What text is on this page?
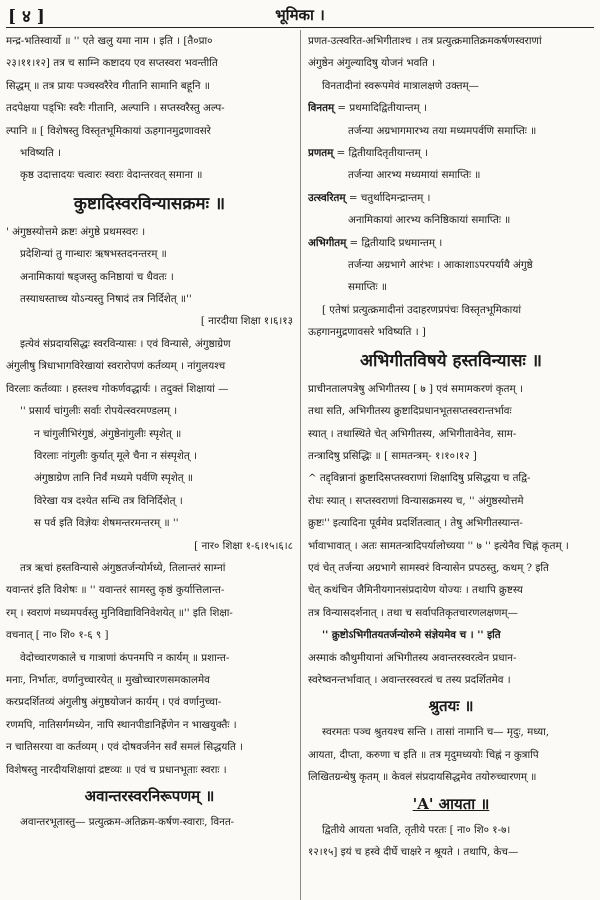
[ ४ ]	भूमिका ।
मन्द्र-भतिस्वार्यो ॥ '' एते खलु यमा नाम । इति । [तै०प्रा०
२३।११।१२] तत्र च साम्नि कष्टादय एव सप्तस्वरा भवन्तीति
सिद्धम् ॥ तत्र प्रायः पञ्चस्वरैरेव गीतानि सामानि बहूनि ॥
तदपेक्षया पड्भिः स्वरैः गीतानि, अल्पानि । सप्तस्वरैस्तु अल्प-
ल्पानि ॥ [ विशेषस्तु विस्तृतभूमिकायां ऊहगानमुद्रणावसरे
भविष्यति ।
कृष्ठ उदात्तादयः चत्वारः स्वराः वेदान्तरवत् समाना ॥
कुष्टादिस्वरविन्यासक्रमः ॥
' अंगुष्ठस्योत्तमे क्रष्टः अंगुष्ठे प्रथमस्वरः ।
प्रदेशिन्यां तु गान्धारः ऋषभस्तदनन्तरम् ॥
अनामिकायां षड्जस्तु कनिष्ठायां च धैवतः ।
तस्याधस्ताच्च योऽन्यस्तु निषादं तत्र निर्दिशेत् ॥''
[ नारदीया शिक्षा १।६।१३
इत्येवं संप्रदायसिद्धः स्वरविन्यासः । एवं विन्यासे, अंगुष्ठाग्रेण
अंगुलीषु त्रिधाभागविरेखायां स्वरारोपणं कर्तव्यम् । नांगुलयश्च
विरलाः कर्तव्याः । हस्तश्च गोकर्णवद्धार्यः । तदुक्तं शिक्षायां —
'' प्रसार्य चांगुलीः सर्वाः रोपयेत्स्वरमण्डलम् ।
न चांगुलीभिरंगुष्ठं, अंगुष्ठेनांगुलीः स्पृशेत् ॥
विरलाः नांगुलीः कुर्यात् मूले चैना न संस्पृशेत् ।
अंगुष्ठाग्रेण तानि निर्वं मध्यमे पर्वणि स्पृशेत् ॥
विरेखा यत्र दश्येत सन्धि तत्र विनिर्दिशेत् ।
स पर्व इति विज्ञेयः शेषमन्तरमन्तरम् ॥ ''
[ नार० शिक्षा १-६।१५।६।८
तत्र ऋचां हस्तविन्यासे अंगुष्ठतर्जन्योर्मध्ये, तिलान्तरं साम्नां
यवान्तरं इति विशेषः ॥ '' यवान्तरं सामस्तु कृष्ठं कुर्यात्तिलान्त-
रम् । स्वराणं मध्यमपर्वस्तु मुनिविद्याविनिवेशयेत् ॥'' इति शिक्षा-
वचनात् [ ना० शि० १-६ ९ ]
वेदोच्चारणकाले च गात्राणां कंपनमपि न कार्यम् ॥ प्रशान्त-
मनाः, निर्भातः, वर्णानुच्चारयेत् ॥ मुखोच्चारणसमकालमेव
करप्रदर्शितव्यं अंगुलीषु अंगुष्ठयोजनं कार्यम् । एवं वर्णानुच्चा-
रणमपि, नातिसर्गमध्येन, नापि स्थानपीडानिर्ह्रेणेन न भाखयुक्तैः ।
न चातिसरया वा कर्तव्यम् । एवं दोषवर्जनेन सर्वं समलं सिद्धयति ।
विशेषस्तु नारदीयशिक्षायां द्रष्टव्यः ॥ एवं च प्रधानभूताः स्वराः ।
अवान्तरस्वरनिरूपणम् ॥
अवान्तरभूतास्तु— प्रत्युत्क्रम-अतिक्रम-कर्षण-स्वाराः, विनत-
प्रणत-उत्स्वरित-अभिगीताश्च । तत्र प्रत्युत्क्रमातिक्रमकर्षणस्वराणां
अंगुष्ठेन अंगुल्यादिषु योजनं भवति ।
विनतादीनां स्वरूपमेवं मात्रालक्षणे उक्तम्—
विनतम् = प्रथमादिद्वितीयान्तम् ।
तर्जन्या अग्रभागमारभ्य तया मध्यमपर्वणि समाप्तिः ॥
प्रणतम् = द्वितीयादितृतीयान्तम् ।
तर्जन्या आरभ्य मध्यमायां समाप्तिः ॥
उत्स्वरितम् = चतुर्थादिमन्द्रान्तम् ।
अनामिकायां आरभ्य कनिष्ठिकायां समाप्तिः ॥
अभिगीतम् = द्वितीयादि प्रथमान्तम् ।
तर्जन्या अग्रभागे आरंभः । आकाशाऽपरपर्यायै अंगुष्ठे
समाप्तिः ॥
[ एतेषां प्रत्युत्क्रमादीनां उदाहरणप्रपंचः विस्तृतभूमिकायां
ऊहगानमुद्रणावसरे भविष्यति । ]
अभिगीतविषये हस्तविन्यासः ॥
प्राचीनतालपत्रेषु अभिगीतस्य [ ७ ] एवं समामकरणं कृतम् ।
तथा सति, अभिगीतस्य क्रुष्टादिप्रधानभूतसप्तस्वरान्तर्भावः
स्यात् । तथास्थिते चेत् अभिगीतस्य, अभिगीतावेनेव, साम-
तन्त्रादिषु प्रसिद्धिः ॥ [ सामतन्त्रम्- १।१०।१२ ]
^ तद्द्विन्नानां क्रुष्टादिसप्तस्वराणां शिक्षादिषु प्रसिद्धया च तद्वि-
रोधः स्यात् । सप्तस्वराणां विन्यासक्रमस्य च, '' अंगुष्ठस्योत्तमे
क्रुष्टः'' इत्यादिना पूर्वमेव प्रदर्शितत्वात् । तेषु अभिगीतस्यान्त-
र्भावाभावात् । अतः सामतन्त्रादिपर्यालोच्यया '' ७ '' इत्येनैव चिह्नं कृतम् ।
एवं चेत् तर्जन्या अग्रभागे सामस्वरं विन्यासेन प्रपठस्तु, कथम् ? इति
चेत् कथंचिन जैमिनीयगानसंप्रदायेण योज्यः । तथापि क्रुष्टस्य
तत्र विन्यासदर्शनात् । तथा च सर्वापतिकृतचारणलक्षणम्—
'' क्रुष्टोऽभिगीतयतर्जन्योरुमे संज्ञेयमेव च । '' इति
अस्माकं कौथुमीयानां अभिगीतस्य अवान्तरस्वरत्वेन प्रधान-
स्वरेष्वनन्तर्भावात् । अवान्तरस्वरत्वं च तस्य प्रदर्शितमेव ।
श्रुतयः ॥
स्वरमतः पञ्च श्रुतयश्च सन्ति । तासां नामानि च— मृदुः, मध्या,
आयता, दीप्ता, करुणा च इति ॥ तत्र मृदुमध्ययोः चिह्नं न कुत्रापि
लिखितग्रन्थेषु कृतम् ॥ केवलं संप्रदायसिद्धमेव तयोरुच्चारणम् ॥
'A' आयता ॥
द्वितीये आयता भवति, तृतीये परतः [ ना० शि० १-७।
१२।१५] इयं च हस्वे दीर्घे चाक्षरे न श्रूयते । तथापि, केच—
